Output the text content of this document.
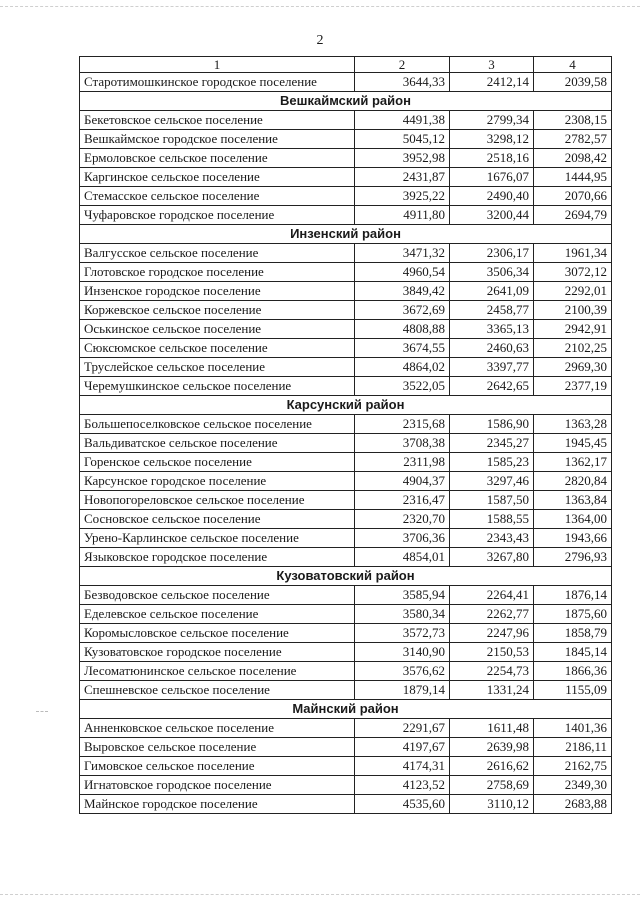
2
1	2	3	4
Старотимошкинское городское поселение	3644,33	2412,14	2039,58
Вешкаймский район			
Бекетовское сельское поселение	4491,38	2799,34	2308,15
Вешкаймское городское поселение	5045,12	3298,12	2782,57
Ермоловское сельское поселение	3952,98	2518,16	2098,42
Каргинское сельское поселение	2431,87	1676,07	1444,95
Стемасское сельское поселение	3925,22	2490,40	2070,66
Чуфаровское городское поселение	4911,80	3200,44	2694,79
Инзенский район			
Валгусское сельское поселение	3471,32	2306,17	1961,34
Глотовское городское поселение	4960,54	3506,34	3072,12
Инзенское городское поселение	3849,42	2641,09	2292,01
Коржевское сельское поселение	3672,69	2458,77	2100,39
Оськинское сельское поселение	4808,88	3365,13	2942,91
Сюксюмское сельское поселение	3674,55	2460,63	2102,25
Труслейское сельское поселение	4864,02	3397,77	2969,30
Черемушкинское сельское поселение	3522,05	2642,65	2377,19
Карсунский район			
Большепоселковское сельское поселение	2315,68	1586,90	1363,28
Вальдиватское сельское поселение	3708,38	2345,27	1945,45
Горенское сельское поселение	2311,98	1585,23	1362,17
Карсунское городское поселение	4904,37	3297,46	2820,84
Новопогореловское сельское поселение	2316,47	1587,50	1363,84
Сосновское сельское поселение	2320,70	1588,55	1364,00
Урено-Карлинское сельское поселение	3706,36	2343,43	1943,66
Языковское городское поселение	4854,01	3267,80	2796,93
Кузоватовский район			
Безводовское сельское поселение	3585,94	2264,41	1876,14
Еделевское сельское поселение	3580,34	2262,77	1875,60
Коромысловское сельское поселение	3572,73	2247,96	1858,79
Кузоватовское городское поселение	3140,90	2150,53	1845,14
Лесоматюнинское сельское поселение	3576,62	2254,73	1866,36
Спешневское сельское поселение	1879,14	1331,24	1155,09
Майнский район			
Анненковское сельское поселение	2291,67	1611,48	1401,36
Выровское сельское поселение	4197,67	2639,98	2186,11
Гимовское сельское поселение	4174,31	2616,62	2162,75
Игнатовское городское поселение	4123,52	2758,69	2349,30
Майнское городское поселение	4535,60	3110,12	2683,88
